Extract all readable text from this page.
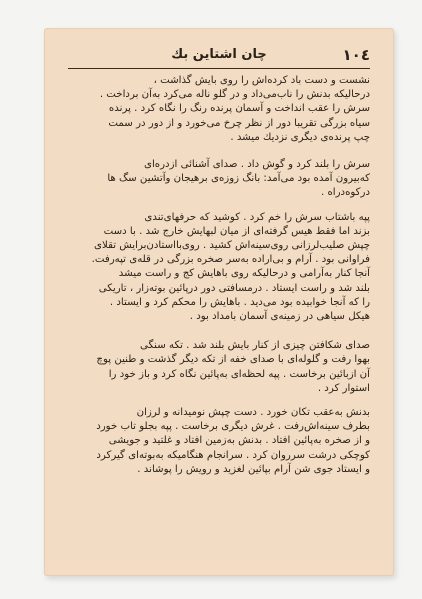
١٠٤
چان اشتاین بك

نشست و دست باد کرده‌اش را روی بایش گذاشت ،
درحالیکه بدنش را ناب‌می‌داد و در گلو ناله می‌کرد به‌آن برداخت .
سرش را عقب انداخت و آسمان پرنده رنگ را نگاه کرد . پرنده
سیاه بزرگی تقریبا دور از نظر چرخ می‌خورد و از دور در سمت
چپ پرنده‌ی دیگری نزدیك میشد .

سرش را بلند کرد و گوش داد . صدای آشنائی ازدره‌ای
که‌بیرون آمده بود می‌آمد: بانگ زوزه‌ی برهیجان وآتشین سگ ها
درکوه‌دراه .

پپه باشتاب سرش را خم کرد . کوشید که حرفهای‌تندی
بزند اما فقط هیس گرفته‌ای از میان لبهایش خارج شد . با دست
چپش صلیب‌لرزانی روی‌سینه‌اش کشید . روی‌بااستادن‌برایش تقلای
فراوانی بود . آرام و بی‌اراده به‌سر صخره بزرگی در قله‌ی تپه‌رفت.
آنجا کنار به‌آرامی و درحالیکه روی باهایش کج و راست میشد
بلند شد و راست ایستاد . درمسافتی دور درپائین بوته‌زار ، تاریکی
را که آنجا خوابیده بود می‌دید . باهایش را محکم کرد و ایستاد .
هیکل سیاهی در زمینه‌ی آسمان بامداد بود .

صدای شکافتن چیزی از کنار بایش بلند شد . تکه سنگی
بهوا رفت و گلوله‌ای با صدای خفه از تکه دیگر گذشت و طنین پوچ
آن ازبائین برخاست . پپه لحظه‌ای به‌پائین نگاه کرد و باز خود را
استوار کرد .

بدنش به‌عقب تکان خورد . دست چپش نومیدانه و لرزان
بطرف سینه‌اش‌رفت . غرش دیگری برخاست . پپه بجلو تاب خورد
و از صخره به‌پائین افتاد . بدنش به‌زمین افتاد و غلتید و جویشی
کوچکی درشت سرروان کرد . سرانجام هنگامیکه به‌بوته‌ای گیرکرد
و ایستاد جوی شن آرام بپائین لغزید و رویش را پوشاند .
